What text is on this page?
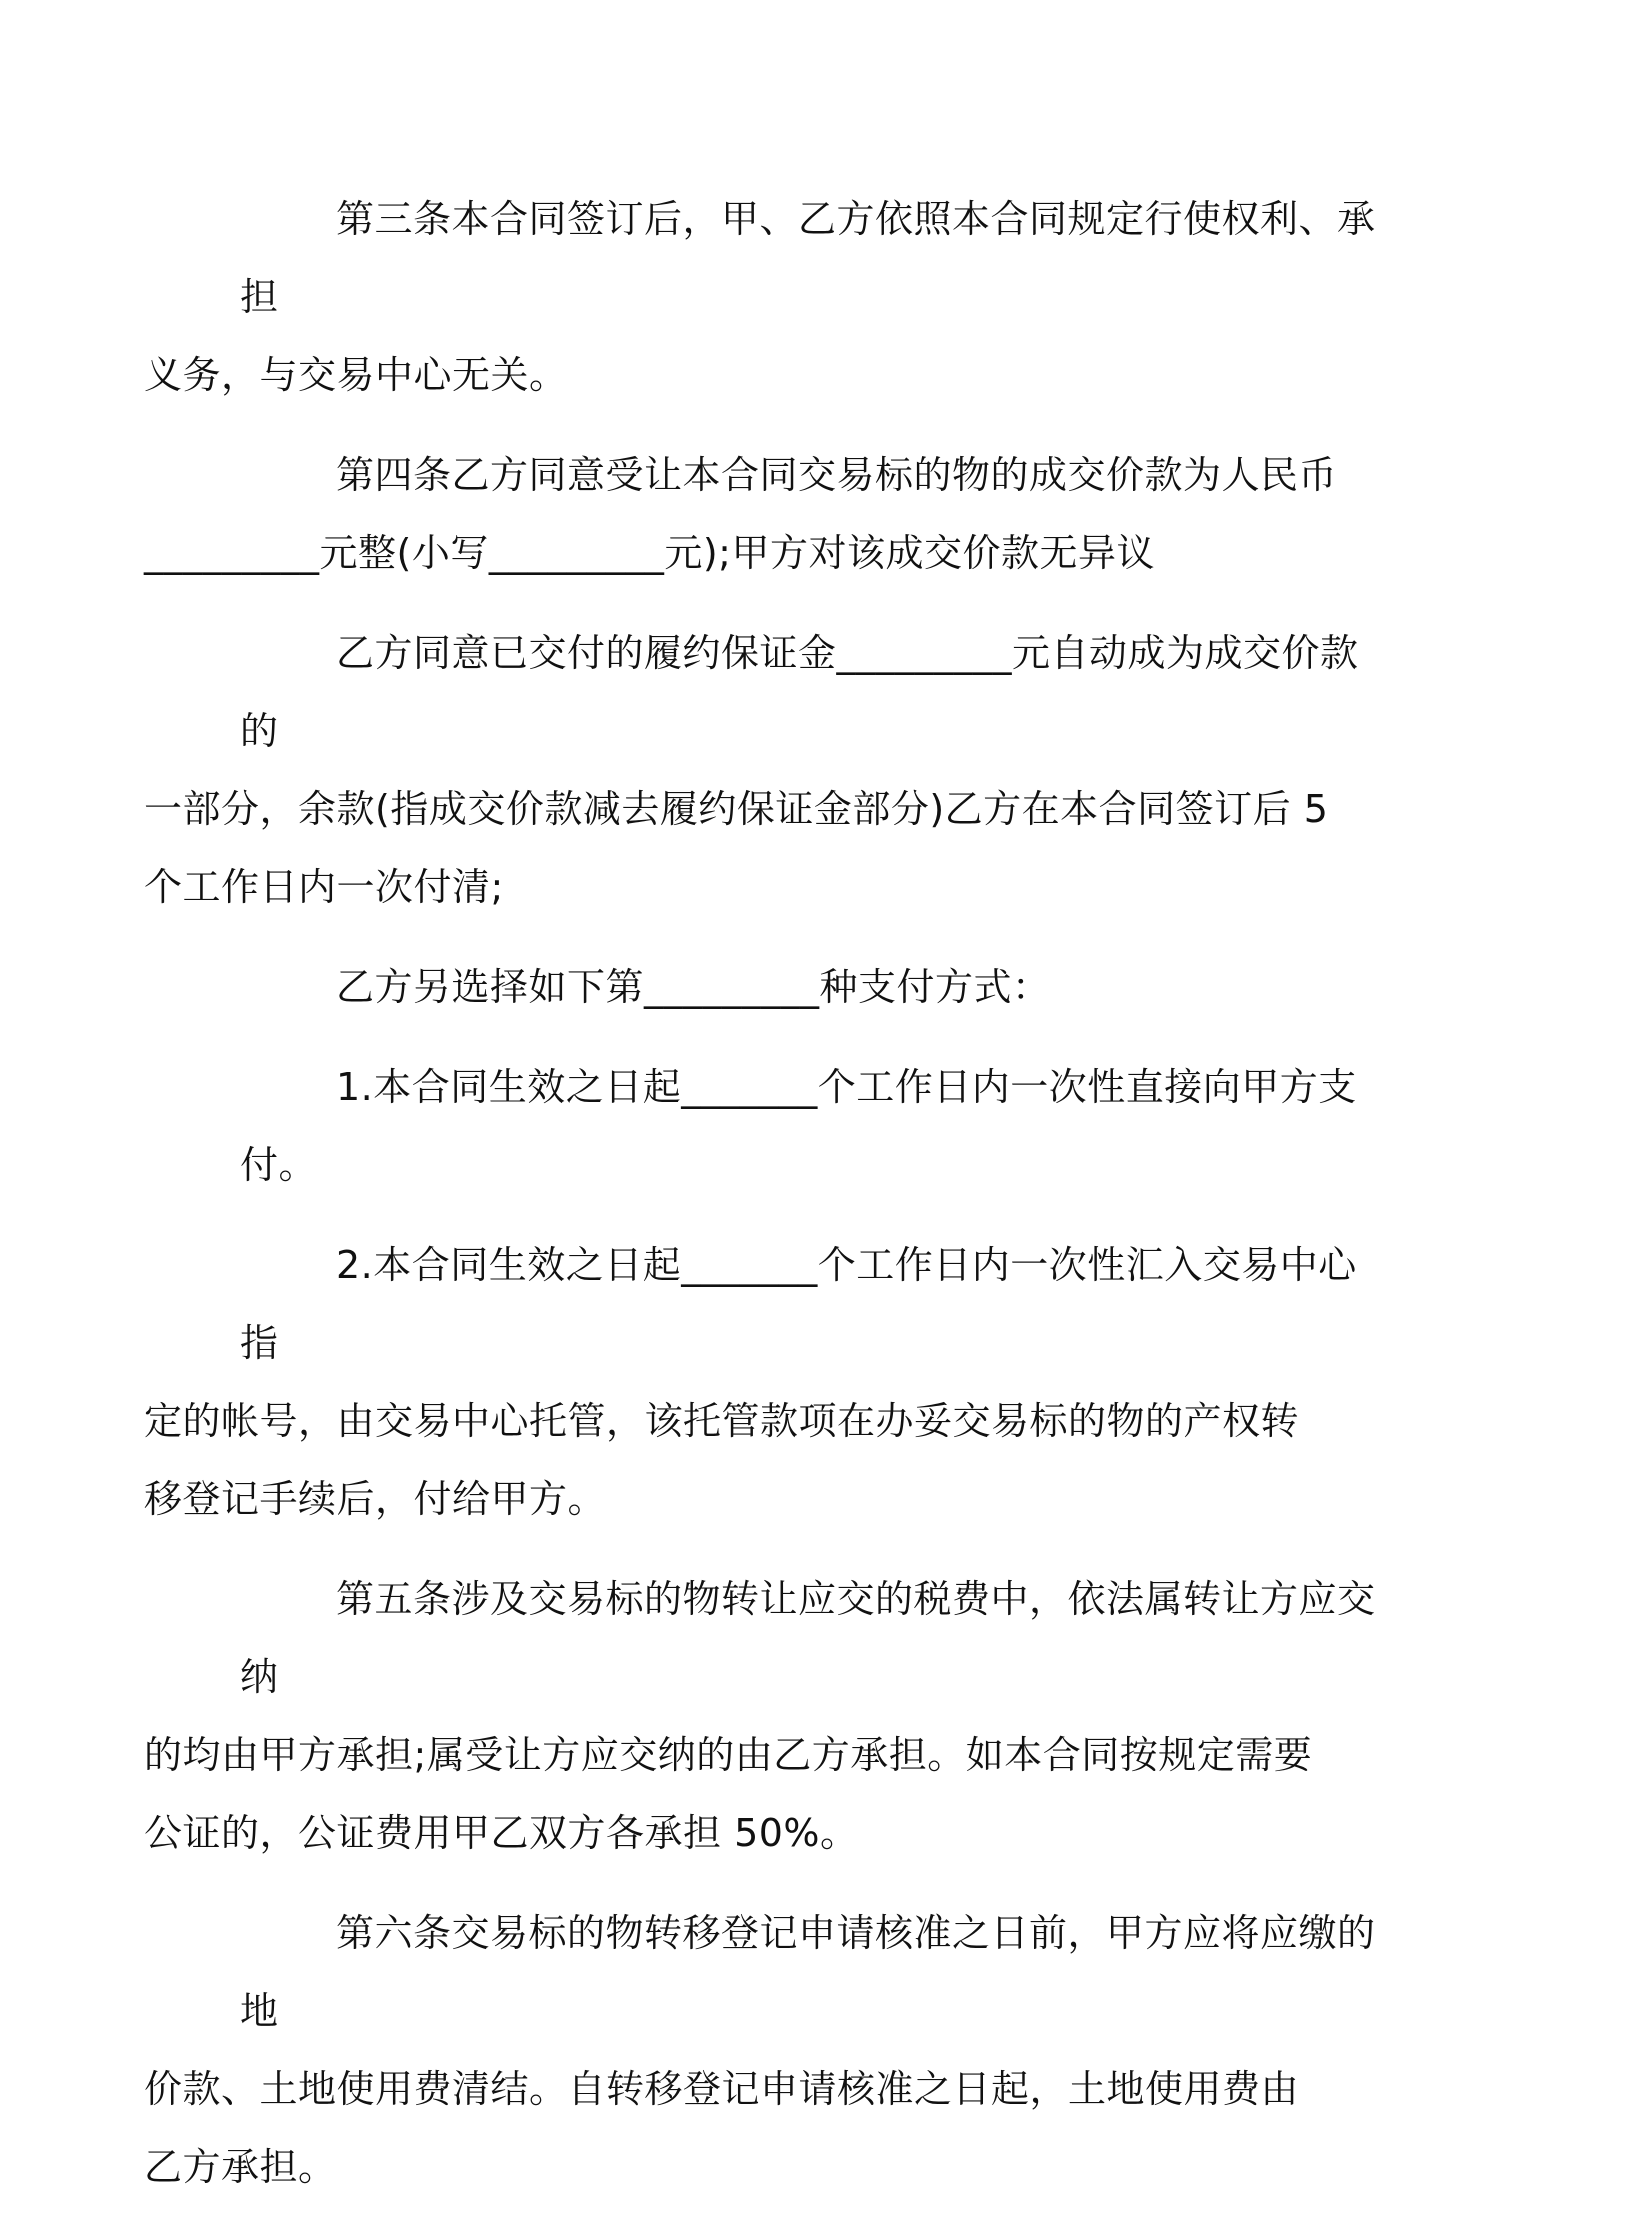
第三条本合同签订后，甲、乙方依照本合同规定行使权利、承担
义务，与交易中心无关。

第四条乙方同意受让本合同交易标的物的成交价款为人民币
_________元整(小写_________元);甲方对该成交价款无异议

乙方同意已交付的履约保证金_________元自动成为成交价款的
一部分，余款(指成交价款减去履约保证金部分)乙方在本合同签订后 5
个工作日内一次付清;

乙方另选择如下第_________种支付方式：

1.本合同生效之日起_______个工作日内一次性直接向甲方支付。

2.本合同生效之日起_______个工作日内一次性汇入交易中心指
定的帐号，由交易中心托管，该托管款项在办妥交易标的物的产权转
移登记手续后，付给甲方。

第五条涉及交易标的物转让应交的税费中，依法属转让方应交纳
的均由甲方承担;属受让方应交纳的由乙方承担。如本合同按规定需要
公证的，公证费用甲乙双方各承担 50%。

第六条交易标的物转移登记申请核准之日前，甲方应将应缴的地
价款、土地使用费清结。自转移登记申请核准之日起，土地使用费由
乙方承担。
